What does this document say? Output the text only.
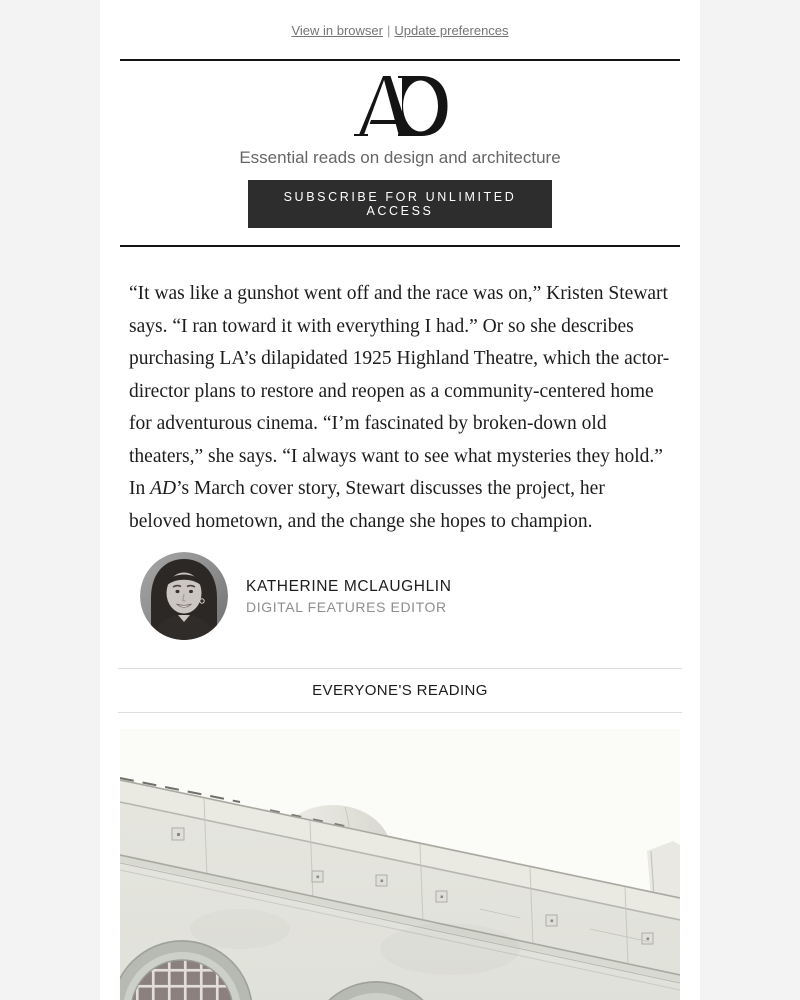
View in browser | Update preferences
Essential reads on design and architecture
SUBSCRIBE FOR UNLIMITED ACCESS

“It was like a gunshot went off and the race was on,” Kristen Stewart says. “I ran toward it with everything I had.” Or so she describes purchasing LA’s dilapidated 1925 Highland Theatre, which the actor-director plans to restore and reopen as a community-centered home for adventurous cinema. “I’m fascinated by broken-down old theaters,” she says. “I always want to see what mysteries they hold.” In AD’s March cover story, Stewart discusses the project, her beloved hometown, and the change she hopes to champion.

KATHERINE MCLAUGHLIN
DIGITAL FEATURES EDITOR
EVERYONE'S READING
